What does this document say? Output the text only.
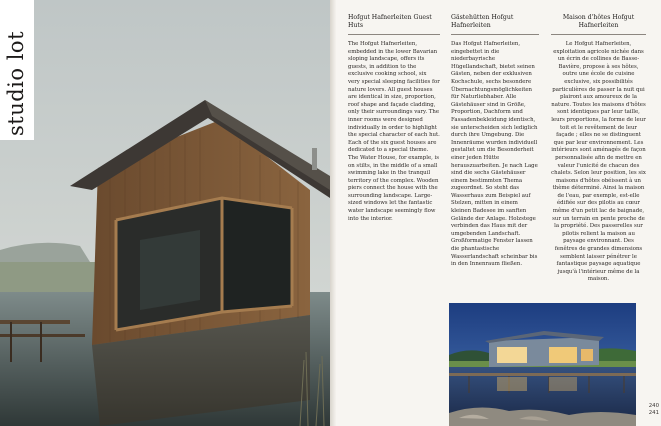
studio lot
Hofgut Hafnerleiten Guest Huts

The Hofgut Hafnerleiten, embedded in the lower Bavarian sloping landscape, offers its guests, in addition to the exclusive cooking school, six very special sleeping facilities for nature lovers. All guest houses are identical in size, proportion, roof shape and façade cladding, only their surroundings vary. The inner rooms were designed individually in order to highlight the special character of each hut. Each of the six guest houses are dedicated to a special theme. The Water House, for example, is on stilts, in the middle of a small swimming lake in the tranquil territory of the complex. Wooden piers connect the house with the surrounding landscape. Large-sized windows let the fantastic water landscape seemingly flow into the interior.

Gästehütten Hofgut Hafnerleiten

Das Hofgut Hafnerleiten, eingebettet in die niederbayrische Hügellandschaft, bietet seinen Gästen, neben der exklusiven Kochschule, sechs besondere Übernachtungsmöglichkeiten für Naturliebhaber. Alle Gästehäuser sind in Größe, Proportion, Dachform und Fassadenbekleidung identisch, sie unterscheiden sich lediglich durch ihre Umgebung. Die Innenräume wurden individuell gestaltet um die Besonderheit einer jeden Hütte herauszuarbeiten. Je nach Lage sind die sechs Gästehäuser einem bestimmten Thema zugeordnet. So steht das Wasserhaus zum Beispiel auf Stelzen, mitten in einem kleinen Badesee im sanften Gelände der Anlage. Holzstege verbinden das Haus mit der umgebenden Landschaft. Großformatige Fenster lassen die phantastische Wasserlandschaft scheinbar bis in den Innenraum fließen.

Maison d'hôtes Hofgut Hafnerleiten

Le Hofgut Hafnerleiten, exploitation agricole nichée dans un écrin de collines de Basse-Bavière, propose à ses hôtes, outre une école de cuisine exclusive, six possibilités particulières de passer la nuit qui plairont aux amoureux de la nature. Toutes les maisons d'hôtes sont identiques par leur taille, leurs proportions, la forme de leur toit et le revêtement de leur façade ; elles ne se distinguent que par leur environnement. Les intérieurs sont aménagés de façon personnalisée afin de mettre en valeur l'unicité de chacun des chalets. Selon leur position, les six maisons d'hôtes obéissent à un thème déterminé. Ainsi la maison de l'eau, par exemple, est-elle édifiée sur des pilotis au cœur même d'un petit lac de baignade, sur un terrain en pente proche de la propriété. Des passerelles sur pilotis relient la maison au paysage environnant. Des fenêtres de grandes dimensions semblent laisser pénétrer le fantastique paysage aquatique jusqu'à l'intérieur même de la maison.

240
241
